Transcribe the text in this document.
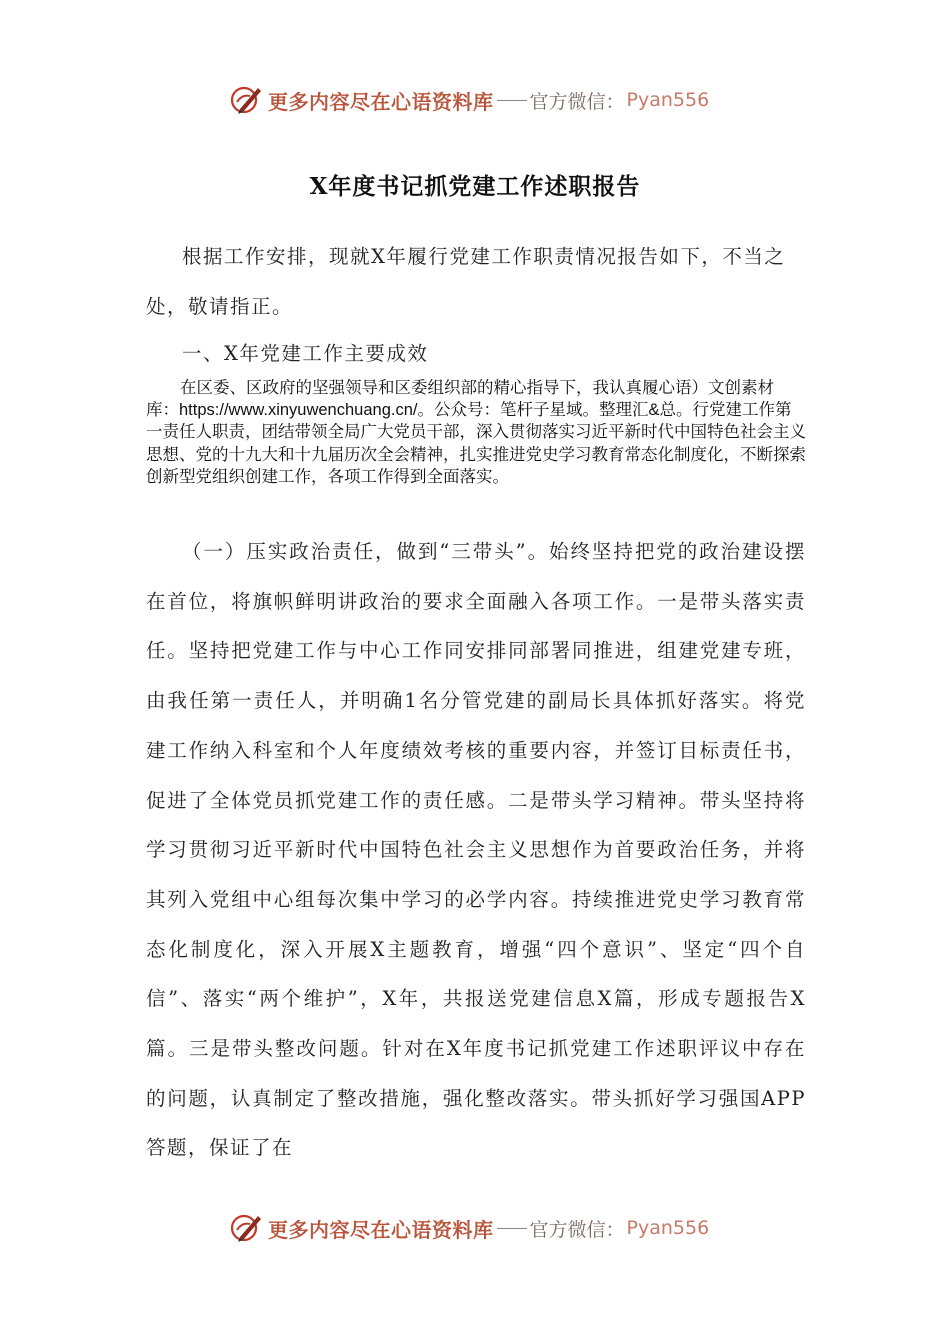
更多内容尽在心语资料库 官方微信： Pyan556
X年度书记抓党建工作述职报告
根据工作安排，现就X年履行党建工作职责情况报告如下，不当之处，敬请指正。
一、X年党建工作主要成效
在区委、区政府的坚强领导和区委组织部的精心指导下，我认真履心语）文创素材库：https://www.xinyuwenchuang.cn/。公众号：笔杆子星域。整理汇&总。行党建工作第一责任人职责，团结带领全局广大党员干部，深入贯彻落实习近平新时代中国特色社会主义思想、党的十九大和十九届历次全会精神，扎实推进党史学习教育常态化制度化，不断探索创新型党组织创建工作，各项工作得到全面落实。
（一）压实政治责任，做到“三带头”。始终坚持把党的政治建设摆在首位，将旗帜鲜明讲政治的要求全面融入各项工作。一是带头落实责任。坚持把党建工作与中心工作同安排同部署同推进，组建党建专班，由我任第一责任人，并明确1名分管党建的副局长具体抓好落实。将党建工作纳入科室和个人年度绩效考核的重要内容，并签订目标责任书，促进了全体党员抓党建工作的责任感。二是带头学习精神。带头坚持将学习贯彻习近平新时代中国特色社会主义思想作为首要政治任务，并将其列入党组中心组每次集中学习的必学内容。持续推进党史学习教育常态化制度化，深入开展X主题教育，增强“四个意识”、坚定“四个自信”、落实“两个维护”，X年，共报送党建信息X篇，形成专题报告X篇。三是带头整改问题。针对在X年度书记抓党建工作述职评议中存在的问题，认真制定了整改措施，强化整改落实。带头抓好学习强国APP答题，保证了在
更多内容尽在心语资料库 官方微信： Pyan556
